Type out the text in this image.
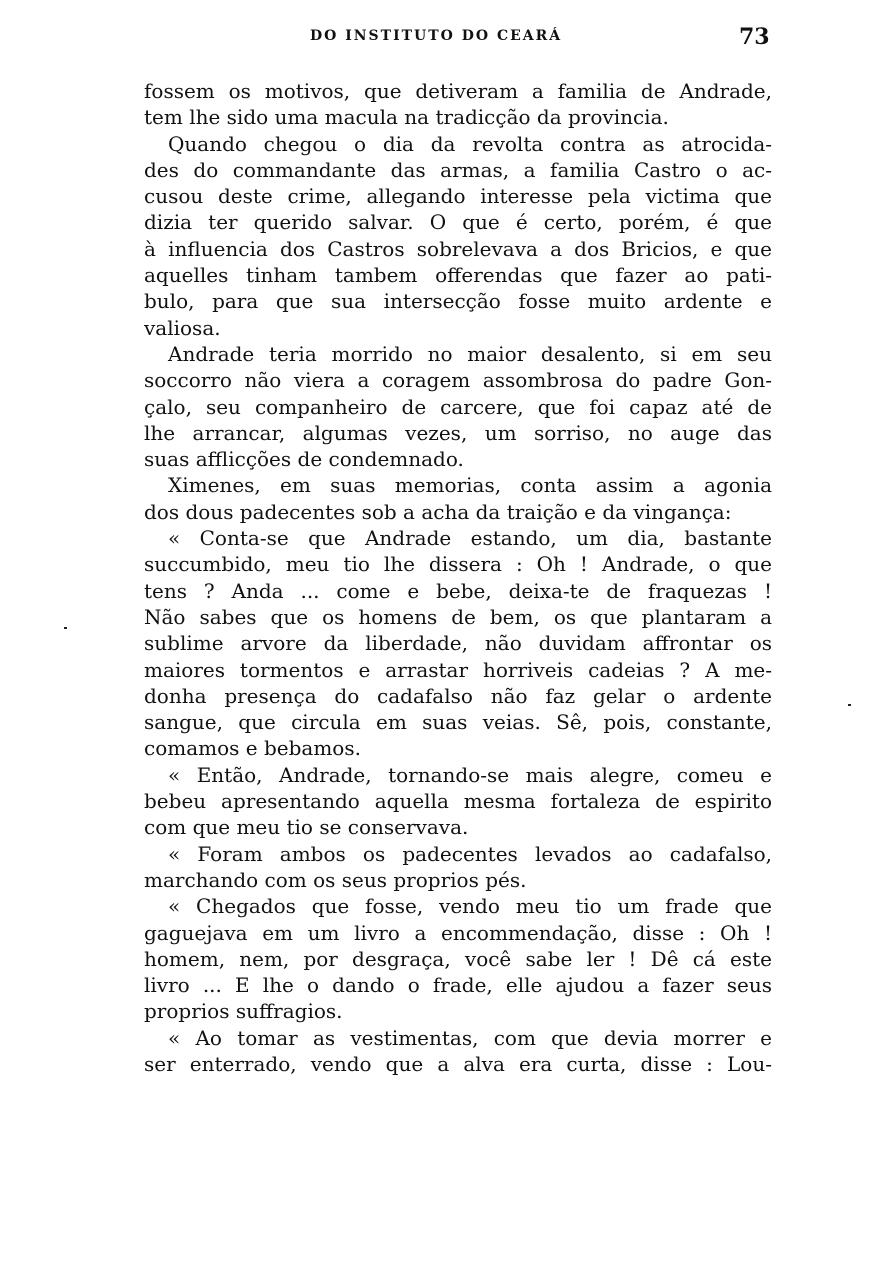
DO INSTITUTO DO CEARÁ	73
fossem os motivos, que detiveram a familia de Andrade,
tem lhe sido uma macula na tradicção da provincia.
Quando chegou o dia da revolta contra as atrocida-
des do commandante das armas, a familia Castro o ac-
cusou deste crime, allegando interesse pela victima que
dizia ter querido salvar. O que é certo, porém, é que
à influencia dos Castros sobrelevava a dos Bricios, e que
aquelles tinham tambem offerendas que fazer ao pati-
bulo, para que sua intersecção fosse muito ardente e
valiosa.
Andrade teria morrido no maior desalento, si em seu
soccorro não viera a coragem assombrosa do padre Gon-
çalo, seu companheiro de carcere, que foi capaz até de
lhe arrancar, algumas vezes, um sorriso, no auge das
suas afflicções de condemnado.
Ximenes, em suas memorias, conta assim a agonia
dos dous padecentes sob a acha da traição e da vingança:
« Conta-se que Andrade estando, um dia, bastante
succumbido, meu tio lhe dissera : Oh ! Andrade, o que
tens ? Anda ... come e bebe, deixa-te de fraquezas !
Não sabes que os homens de bem, os que plantaram a
sublime arvore da liberdade, não duvidam affrontar os
maiores tormentos e arrastar horriveis cadeias ? A me-
donha presença do cadafalso não faz gelar o ardente
sangue, que circula em suas veias. Sê, pois, constante,
comamos e bebamos.
« Então, Andrade, tornando-se mais alegre, comeu e
bebeu apresentando aquella mesma fortaleza de espirito
com que meu tio se conservava.
« Foram ambos os padecentes levados ao cadafalso,
marchando com os seus proprios pés.
« Chegados que fosse, vendo meu tio um frade que
gaguejava em um livro a encommendação, disse : Oh !
homem, nem, por desgraça, você sabe ler ! Dê cá este
livro ... E lhe o dando o frade, elle ajudou a fazer seus
proprios suffragios.
« Ao tomar as vestimentas, com que devia morrer e
ser enterrado, vendo que a alva era curta, disse : Lou-
